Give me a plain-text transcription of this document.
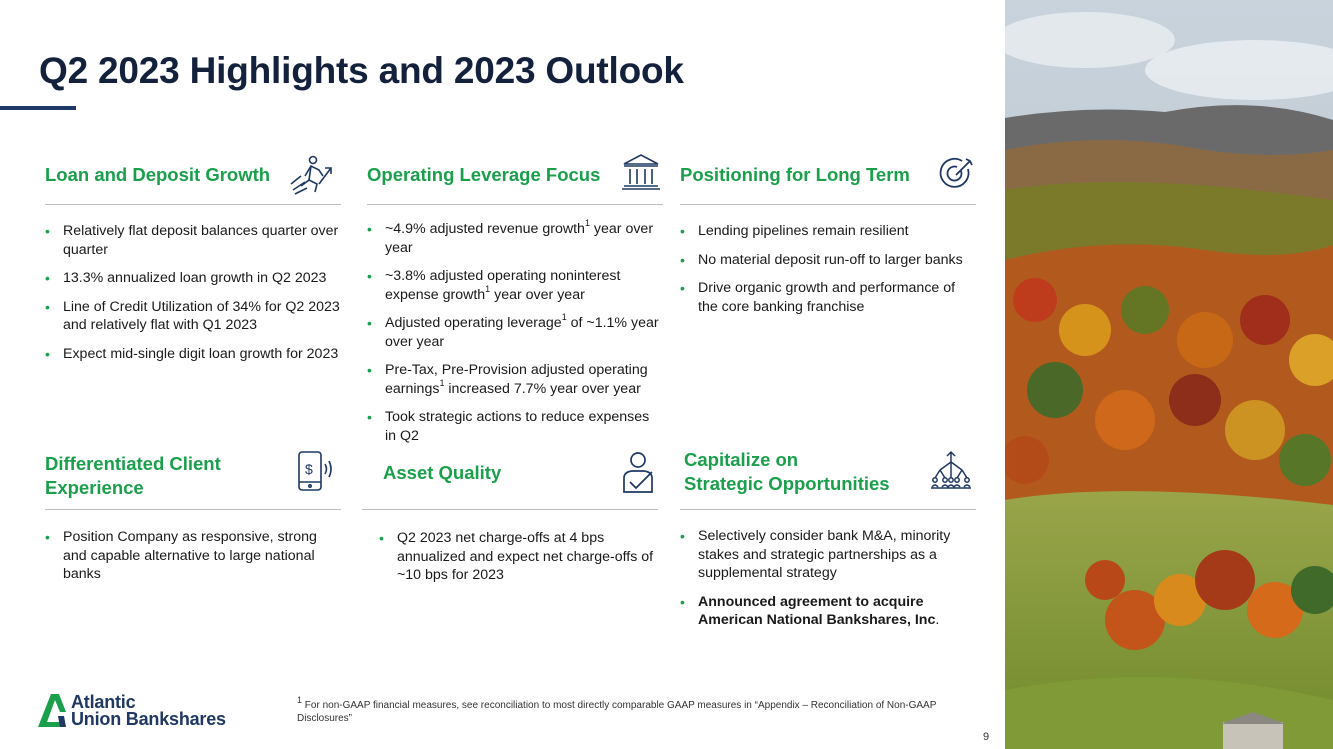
Q2 2023 Highlights and 2023 Outlook
Loan and Deposit Growth
• Relatively flat deposit balances quarter over quarter
• 13.3% annualized loan growth in Q2 2023
• Line of Credit Utilization of 34% for Q2 2023 and relatively flat with Q1 2023
• Expect mid-single digit loan growth for 2023
Operating Leverage Focus
• ~4.9% adjusted revenue growth$^1$ year over year
• ~3.8% adjusted operating noninterest expense growth$^1$ year over year
• Adjusted operating leverage$^1$ of ~1.1% year over year
• Pre-Tax, Pre-Provision adjusted operating earnings$^1$ increased 7.7% year over year
• Took strategic actions to reduce expenses in Q2
Positioning for Long Term
• Lending pipelines remain resilient
• No material deposit run-off to larger banks
• Drive organic growth and performance of the core banking franchise
Differentiated Client
Experience
$
• Position Company as responsive, strong and capable alternative to large national banks
Asset Quality
• Q2 2023 net charge-offs at 4 bps annualized and expect net charge-offs of ~10 bps for 2023
Capitalize on
Strategic Opportunities
• Selectively consider bank M&A, minority stakes and strategic partnerships as a supplemental strategy
• Announced agreement to acquire American National Bankshares, Inc.
Atlantic
Union Bankshares
$^1$ For non-GAAP financial measures, see reconciliation to most directly comparable GAAP measures in “Appendix – Reconciliation of Non-GAAP Disclosures”
9
